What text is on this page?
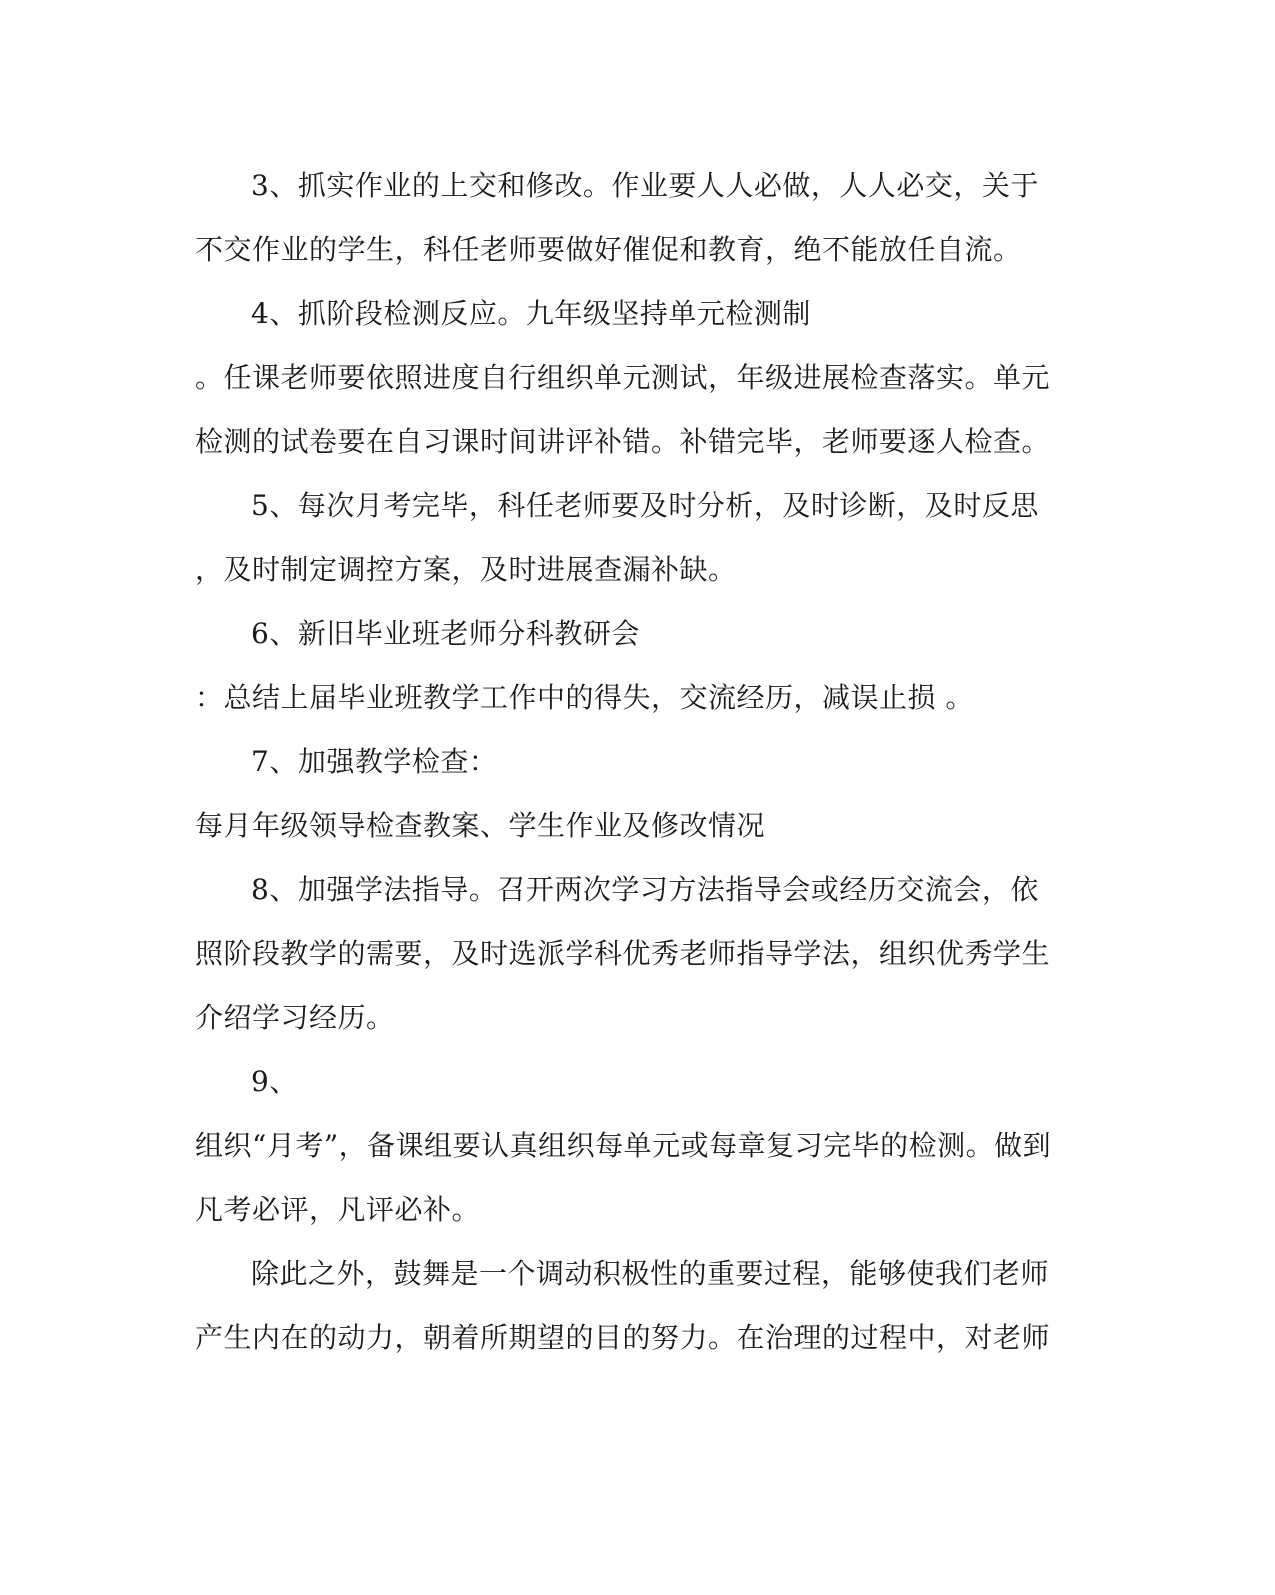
3、抓实作业的上交和修改。作业要人人必做，人人必交，关于
不交作业的学生，科任老师要做好催促和教育，绝不能放任自流。
4、抓阶段检测反应。九年级坚持单元检测制
。任课老师要依照进度自行组织单元测试，年级进展检查落实。单元
检测的试卷要在自习课时间讲评补错。补错完毕，老师要逐人检查。
5、每次月考完毕，科任老师要及时分析，及时诊断，及时反思
，及时制定调控方案，及时进展查漏补缺。
6、新旧毕业班老师分科教研会
：总结上届毕业班教学工作中的得失，交流经历，减误止损 。
7、加强教学检查：
每月年级领导检查教案、学生作业及修改情况
8、加强学法指导。召开两次学习方法指导会或经历交流会，依
照阶段教学的需要，及时选派学科优秀老师指导学法，组织优秀学生
介绍学习经历。
9、
组织“月考”，备课组要认真组织每单元或每章复习完毕的检测。做到
凡考必评，凡评必补。
除此之外，鼓舞是一个调动积极性的重要过程，能够使我们老师
产生内在的动力，朝着所期望的目的努力。在治理的过程中，对老师
